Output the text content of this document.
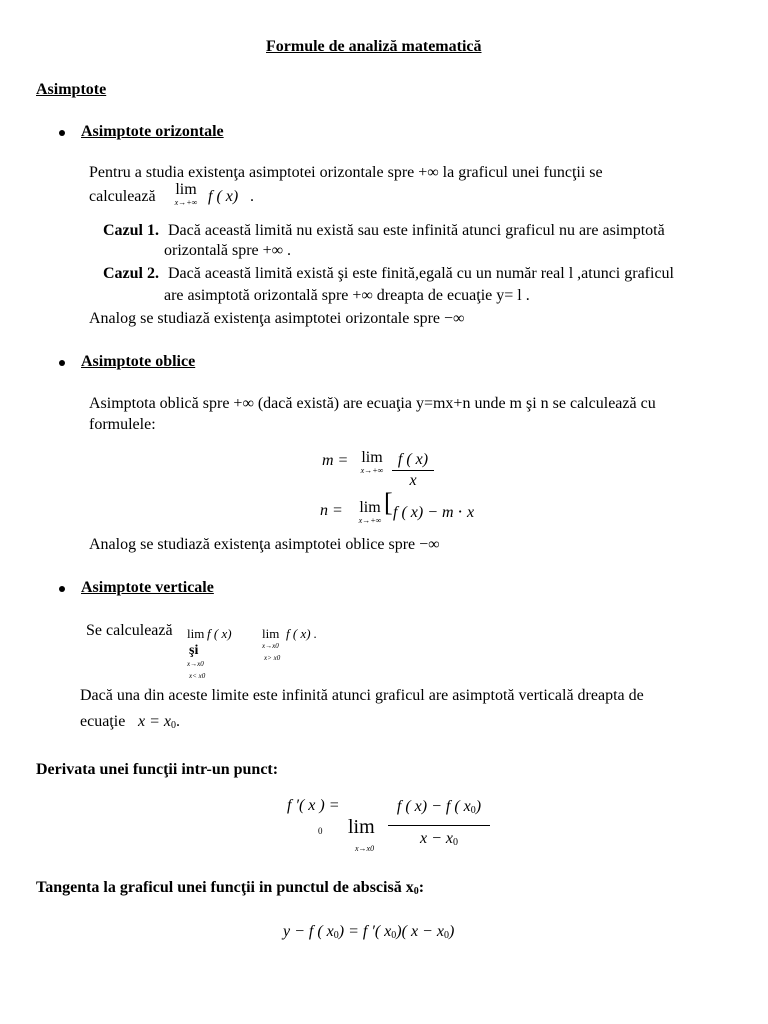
Formule de analiză matematică
Asimptote
Asimptote orizontale
Pentru a studia existenţa asimptotei orizontale spre +∞ la graficul unei funcţii se
calculează	lim
x→+∞ f ( x) .
Cazul 1. Dacă această limită nu există sau este infinită atunci graficul nu are asimptotă
orizontală spre +∞ .
Cazul 2. Dacă această limită există şi este finită,egală cu un număr real l ,atunci graficul
are asimptotă orizontală spre +∞ dreapta de ecuaţie y= l .
Analog se studiază existenţa asimptotei orizontale spre −∞
Asimptote oblice
Asimptota oblică spre +∞ (dacă există) are ecuaţia y=mx+n unde m şi n se calculează cu
formulele:
m = lim
x→+∞
f ( x)
x
n =	lim
x→+∞
[ f ( x) − m ⋅ x
Analog se studiază existenţa asimptotei oblice spre −∞
Asimptote verticale
Se calculează lim f ( x)
şi
x→x0
x< x0
lim f ( x) .
x→x0
x> x0
Dacă una din aceste limite este infinită atunci graficul are asimptotă verticală dreapta de
ecuaţie $x = x_0$.
Derivata unei funcţii intr-un punct:
f ′( x ) =
0 lim
x→x0
f ( x) − f ( $x_0$)
$x - x_0$
Tangenta la graficul unei funcţii in punctul de abscisă $x_0$:
y − f ( $x_0) = f$ ′( $x_0$)( $x - x_0$)
